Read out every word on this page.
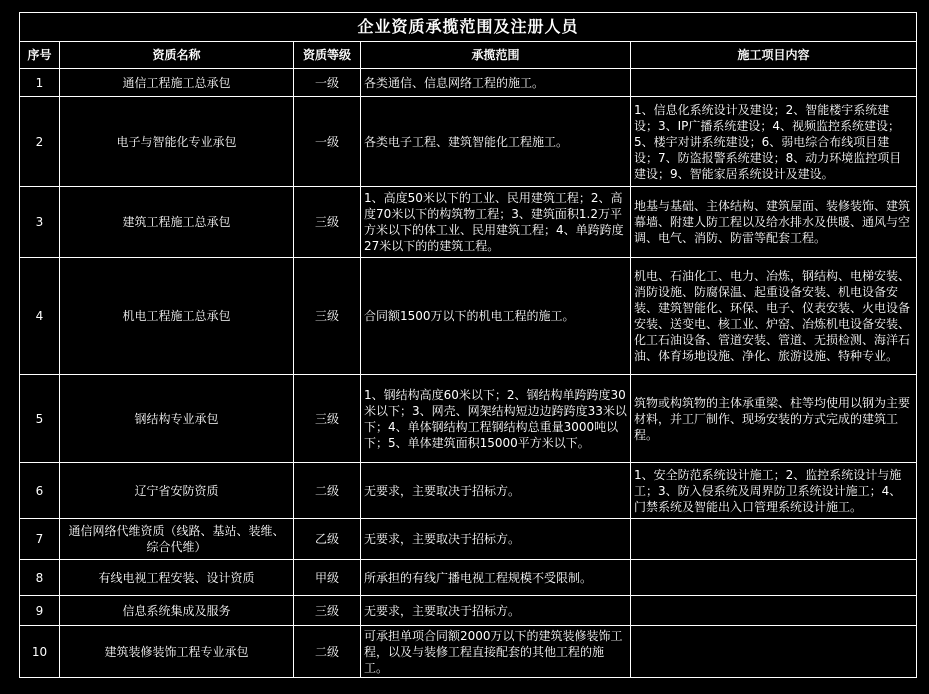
企业资质承揽范围及注册人员				
序号	资质名称	资质等级	承揽范围	施工项目内容
1	通信工程施工总承包	一级	各类通信、信息网络工程的施工。	
2	电子与智能化专业承包	一级	各类电子工程、建筑智能化工程施工。	1、信息化系统设计及建设；2、智能楼宇系统建设；3、IP广播系统建设；4、视频监控系统建设；5、楼宇对讲系统建设；6、弱电综合布线项目建设；7、防盗报警系统建设；8、动力环境监控项目建设；9、智能家居系统设计及建设。
3	建筑工程施工总承包	三级	1、高度50米以下的工业、民用建筑工程；2、高度70米以下的构筑物工程；3、建筑面积1.2万平方米以下的体工业、民用建筑工程；4、单跨跨度27米以下的的建筑工程。	地基与基础、主体结构、建筑屋面、装修装饰、建筑幕墙、附建人防工程以及给水排水及供暖、通风与空调、电气、消防、防雷等配套工程。
4	机电工程施工总承包	三级	合同额1500万以下的机电工程的施工。	机电、石油化工、电力、冶炼，钢结构、电梯安装、消防设施、防腐保温、起重设备安装、机电设备安装、建筑智能化、环保、电子、仪表安装、火电设备安装、送变电、核工业、炉窑、冶炼机电设备安装、化工石油设备、管道安装、管道、无损检测、海洋石油、体育场地设施、净化、旅游设施、特种专业。
5	钢结构专业承包	三级	1、钢结构高度60米以下；2、钢结构单跨跨度30米以下；3、网壳、网架结构短边边跨跨度33米以下；4、单体钢结构工程钢结构总重量3000吨以下；5、单体建筑面积15000平方米以下。	筑物或构筑物的主体承重梁、柱等均使用以钢为主要材料，并工厂制作、现场安装的方式完成的建筑工程。
6	辽宁省安防资质	二级	无要求，主要取决于招标方。	1、安全防范系统设计施工；2、监控系统设计与施工；3、防入侵系统及周界防卫系统设计施工；4、门禁系统及智能出入口管理系统设计施工。
7	通信网络代维资质（线路、基站、装维、综合代维）	乙级	无要求，主要取决于招标方。	
8	有线电视工程安装、设计资质	甲级	所承担的有线广播电视工程规模不受限制。	
9	信息系统集成及服务	三级	无要求，主要取决于招标方。	
10	建筑装修装饰工程专业承包	二级	可承担单项合同额2000万以下的建筑装修装饰工程，以及与装修工程直接配套的其他工程的施工。	
